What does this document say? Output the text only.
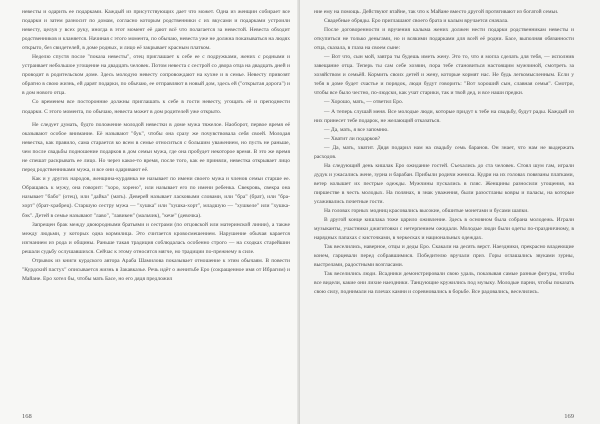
невесты и одарить ее подарками. Каждый из присутствующих дает что может. Одна из женщин собирает все подарки и затем разносит по домам, согласно которым родственники с их вкусами и подарками устроили невесту, целуя у всех руку, иногда в этот момент её дают всё что полагается за невестой. Невеста обходит родственников и кланяется. Начиная с этого момента, по обычаю, невеста уже не должна показываться на людях открыто, без свидетелей, в доме родных, и лицо её закрывает красным платком.

Неделю спустя после "показа невесты", отец приглашает к себе ее с подружками, жених с родными и устраивает небольшое угощение на двадцать человек. Потом невеста с сестрой со двора отца на двадцать дней и проводит в родительском доме. Здесь молодую невесту сопровождают на кухне и в семье. Невесту привозят обратно в свою жизнь, ей дарят подарки, по обычаю, ее отправляют в новый дом, здесь ей ("открытая дорога") и в дом нового отца.

Со временем все посторонние должны приглашать к себе в гости невесту, угощать её и преподнести подарки. С этого момента, по обычаю, невеста может в дом родителей уже открыто.

Не следует думать, будто положение молодой невестки в доме мужа тяжелое. Наоборот, первое время её оказывают особое внимание. Её называют "бук", чтобы она сразу же почувствовала себя своей. Молодая невестка, как правило, сама старается ко всем в семье относиться с большим уважением, но пусть не раньше, чем после свадьбы подношение подарков в дом семьи мужа, где она пробудет некоторое время. В это же время не спешат раскрывать ее лицо. Но через какое-то время, после того, как ее приняли, невестка открывает лицо перед родственниками мужа, и все они одаривают её.

Как и у других народов, женщина-курдянка не называет по имени своего мужа и членов семьи старше ее. Обращаясь к мужу, она говорит: "хоро, хорено", или называет его по имени ребенка. Свекровь, свекра она называет "бабо" (отец), или "дайка" (мать). Деверей называет ласковыми словами, или "бра" (брат), или "бра-хорт" (брат-храбрец). Старшую сестру мужа — "хушка" или "хушка-хорт", младшую — "хушкеле" или "хушка-бэк". Детей в семье называют "лаво", "лавикен" (мальчик), "кече" (девочка).

Запрещен брак между двоюродными братьями и сестрами (по отцовской или материнской линии), а также между людьми, у которых одна кормилица. Это считается кровосмешением. Нарушение обычая карается изгнанием из рода и общины. Раньше такая традиция соблюдалась особенно строго — на сходках старейшин решали судьбу ослушавшихся. Сейчас к этому относятся мягче, но традиции по-прежнему в силе.

Отрывок из книги курдского автора Араба Шамилова показывает отношение к этим обычаям. В повести "Курдский пастух" описывается жизнь в Закавказье. Речь идёт о женитьбе Еро (сокращенное имя от Ибрагим) и Майане. Еро хотел бы, чтобы мать Басе, но его дядя предложил

168

ние ему на помощь. Действуют втайне, так что к Майане вместо другой протягивают из богатой семьи.

Свадебные обряды. Еро приглашают своего брата и калым вручается сначала.

После договоренности и вручения калыма жених должен нести подарки родственникам невесты и откупиться не только деньгами, но и всякими подарками для всей её родни. Басе, выполняя обязанности отца, сказала, в глаза на своем сыне:

— Вот что, сын мой, завтра ты будешь иметь жену. Это то, что я могла сделать для тебя, — исполнив завещание отца. Теперь ты сам себе хозяин, пора тебе становиться настоящим мужчиной, смотреть за хозяйством и семьёй. Кормить своих детей и жену, которые кормят нас. Не будь легкомысленным. Если у тебя в доме будет счастье и порядок, люди будут говорить: "Вот хороший сын, славная семья". Смотри, чтобы все было честно, по-людски, как учат старики, так и твой дед, и все наши предки.

— Хорошо, мать, — ответил Еро.

— А теперь слушай меня. Все молодые люди, которые придут к тебе на свадьбу, будут рады. Каждый из них принесет тебе подарок, не желающий отказаться.

— Да, мать, я все запомню.

— Хватит ли подарков?

— Да, мать, хватит. Дядя подарил нам на свадьбу семь баранов. Он знает, что нам не выдержать расходов.

На следующий день кишлак Еро ожидание гостей. Съехались до ста человек. Стоял шум гам, играли дудук и ужасались жене, зурна и барабан. Прибыли родичи жениха. Кудри на их головах повязаны платками, ветер колышет их пестрые одежды. Мужчины пускались в пляс. Женщины разносили угощения, на пиршестве в честь молодых. На полянах, в знак уважения, были разостланы ковры и паласы, на которые усаживались почетные гости.

На головах горных модниц красовались высокие, обшитые монетами и бусами шапки.

В другой конце кишлака тоже царило оживление. Здесь в основном была собрана молодежь. Играли музыканты, участники джигитовки с нетерпением ожидали. Молодые люди были одеты по-праздничному, в нарядных папахах с кисточками, в черкесках и национальных одеждах.

Так веселились, наверное, отцы и деды Еро. Скакали на десять верст. Наездники, прекрасно владеющие конем, гарцевали перед собравшимися. Победителю вручали приз. Горы оглашались звуками зурны, выстрелами, радостными возгласами.

Так веселились люди. Всадники демонстрировали свою удаль, показывая самые разные фигуры, чтобы все видели, какие они лихие наездники. Танцующие кружились под музыку. Молодые парни, чтобы показать свою силу, поднимали на плечах камни и соревновались в борьбе. Все радовались, веселились.

169
